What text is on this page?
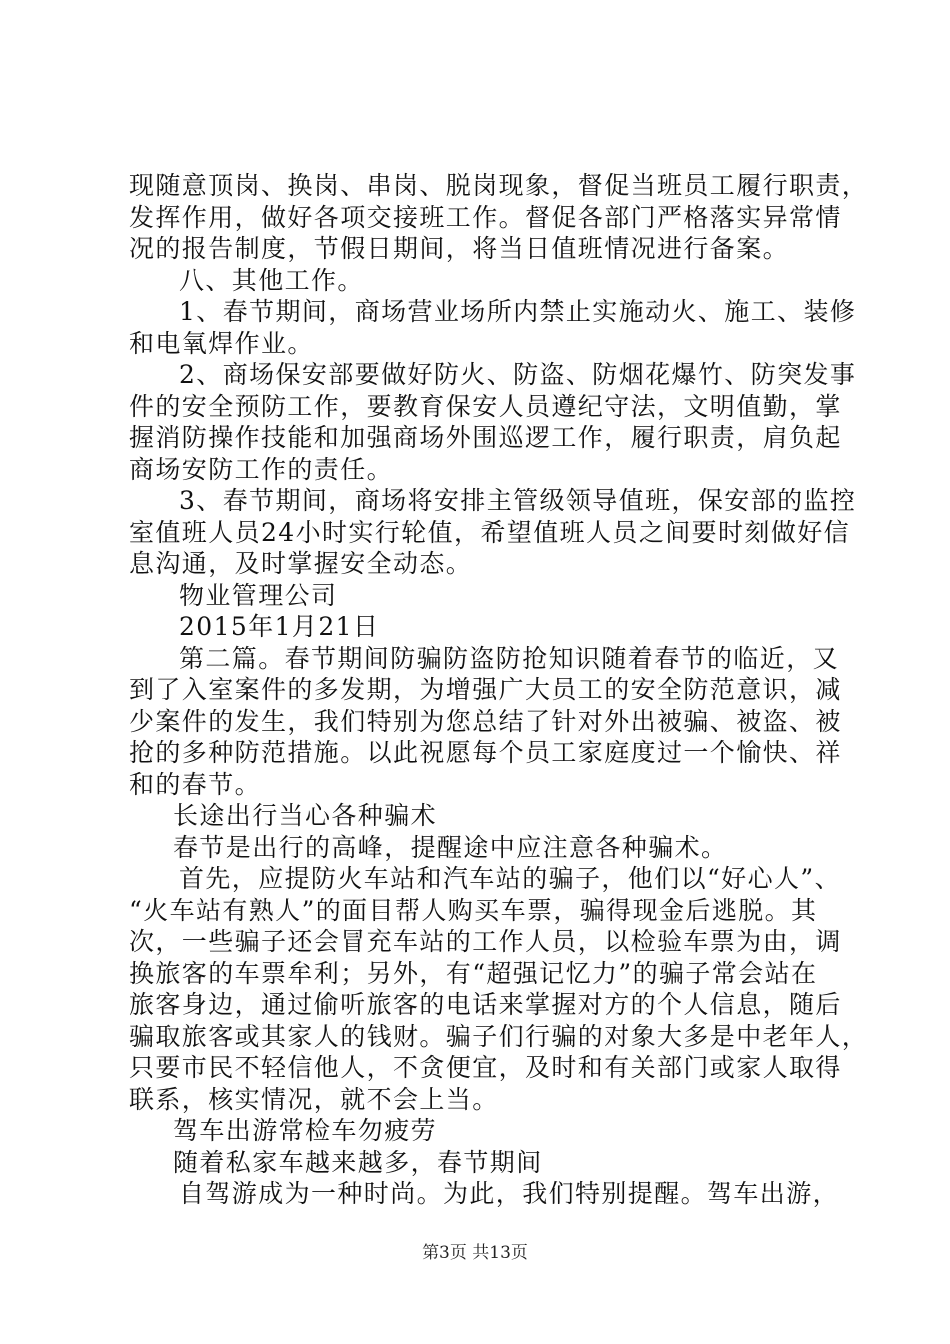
现随意顶岗、换岗、串岗、脱岗现象，督促当班员工履行职责，
发挥作用，做好各项交接班工作。督促各部门严格落实异常情
况的报告制度，节假日期间，将当日值班情况进行备案。
八、其他工作。
1、春节期间，商场营业场所内禁止实施动火、施工、装修
和电氧焊作业。
2、商场保安部要做好防火、防盗、防烟花爆竹、防突发事
件的安全预防工作，要教育保安人员遵纪守法，文明值勤，掌
握消防操作技能和加强商场外围巡逻工作，履行职责，肩负起
商场安防工作的责任。
3、春节期间，商场将安排主管级领导值班，保安部的监控
室值班人员24小时实行轮值，希望值班人员之间要时刻做好信
息沟通，及时掌握安全动态。
物业管理公司
2015年1月21日
第二篇。春节期间防骗防盗防抢知识随着春节的临近，又
到了入室案件的多发期，为增强广大员工的安全防范意识，减
少案件的发生，我们特别为您总结了针对外出被骗、被盗、被
抢的多种防范措施。以此祝愿每个员工家庭度过一个愉快、祥
和的春节。
长途出行当心各种骗术
春节是出行的高峰，提醒途中应注意各种骗术。
首先，应提防火车站和汽车站的骗子，他们以“好心人”、
“火车站有熟人”的面目帮人购买车票，骗得现金后逃脱。其
次，一些骗子还会冒充车站的工作人员，以检验车票为由，调
换旅客的车票牟利；另外，有“超强记忆力”的骗子常会站在
旅客身边，通过偷听旅客的电话来掌握对方的个人信息，随后
骗取旅客或其家人的钱财。骗子们行骗的对象大多是中老年人，
只要市民不轻信他人，不贪便宜，及时和有关部门或家人取得
联系，核实情况，就不会上当。
驾车出游常检车勿疲劳
随着私家车越来越多，春节期间
自驾游成为一种时尚。为此，我们特别提醒。驾车出游，
第3页 共13页
